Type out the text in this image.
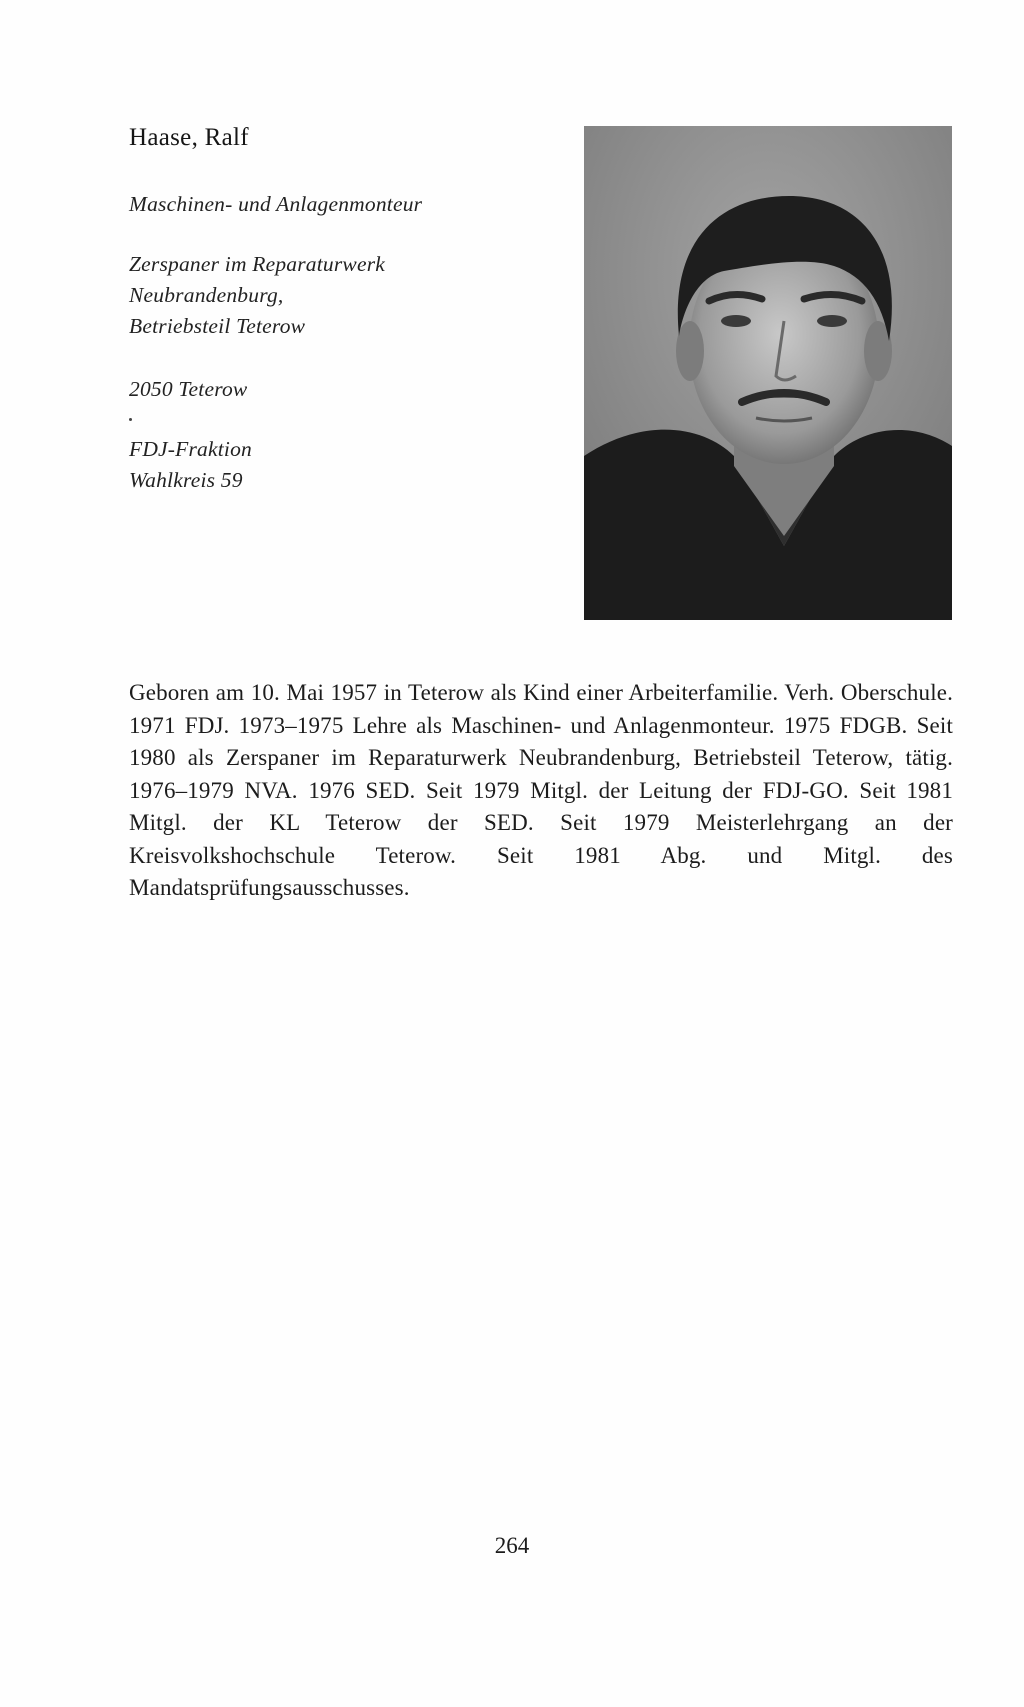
Haase, Ralf
Maschinen- und Anlagenmonteur
Zerspaner im Reparaturwerk
Neubrandenburg,
Betriebsteil Teterow
2050 Teterow
FDJ-Fraktion
Wahlkreis 59
Geboren am 10. Mai 1957 in Teterow als Kind einer Arbeiterfamilie. Verh. Oberschule. 1971 FDJ. 1973–1975 Lehre als Maschinen- und Anlagenmonteur. 1975 FDGB. Seit 1980 als Zerspaner im Reparaturwerk Neubrandenburg, Betriebsteil Teterow, tätig. 1976–1979 NVA. 1976 SED. Seit 1979 Mitgl. der Leitung der FDJ-GO. Seit 1981 Mitgl. der KL Teterow der SED. Seit 1979 Meisterlehrgang an der Kreisvolkshochschule Teterow. Seit 1981 Abg. und Mitgl. des Mandatsprüfungsausschusses.
264
